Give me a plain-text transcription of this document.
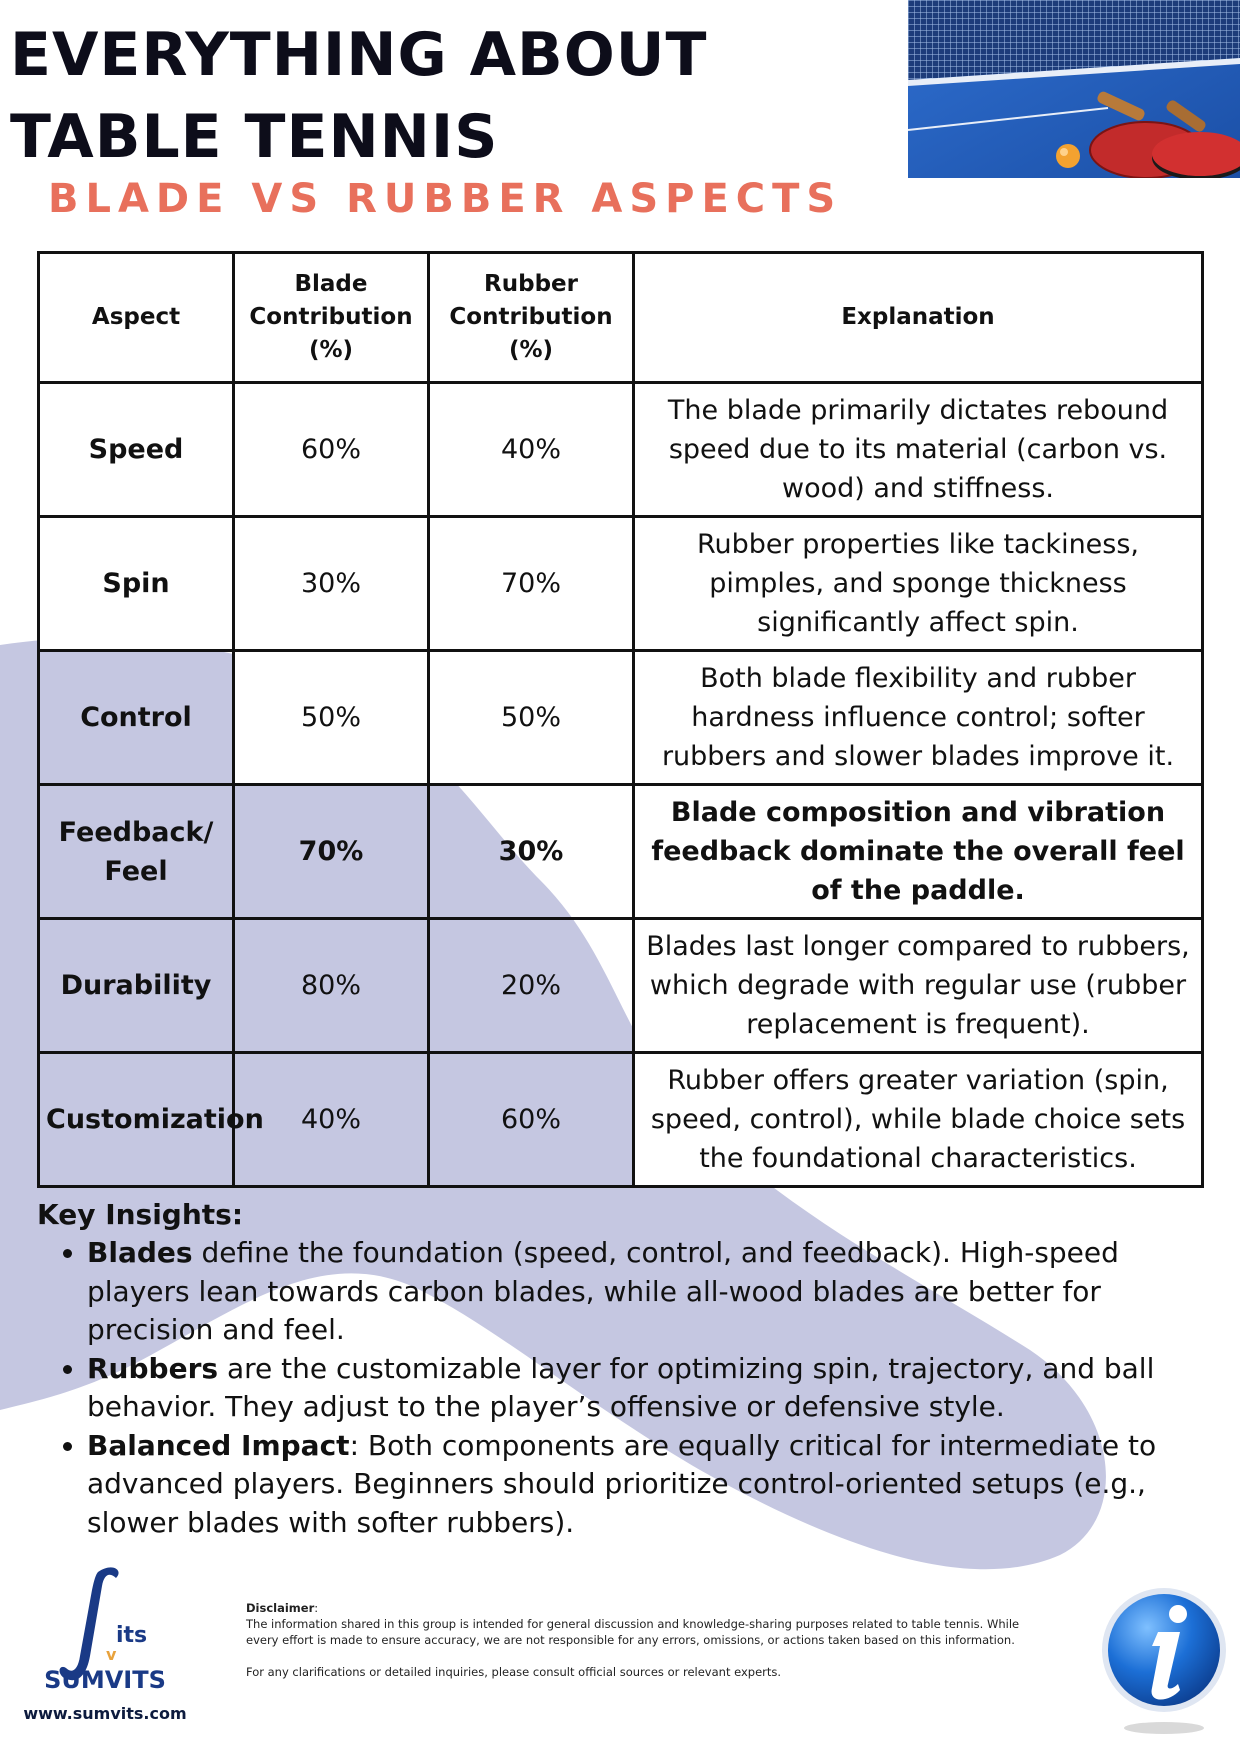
EVERYTHING ABOUT
TABLE TENNIS
BLADE VS RUBBER ASPECTS
Aspect	Blade Contribution (%)	Rubber Contribution (%)	Explanation
Speed	60%	40%	The blade primarily dictates rebound speed due to its material (carbon vs. wood) and stiffness.
Spin	30%	70%	Rubber properties like tackiness, pimples, and sponge thickness significantly affect spin.
Control	50%	50%	Both blade flexibility and rubber hardness influence control; softer rubbers and slower blades improve it.
Feedback/ Feel	70%	30%	Blade composition and vibration feedback dominate the overall feel of the paddle.
Durability	80%	20%	Blades last longer compared to rubbers, which degrade with regular use (rubber replacement is frequent).
Customization	40%	60%	Rubber offers greater variation (spin, speed, control), while blade choice sets the foundational characteristics.
Key Insights:
• Blades define the foundation (speed, control, and feedback). High-speed players lean towards carbon blades, while all-wood blades are better for precision and feel.
• Rubbers are the customizable layer for optimizing spin, trajectory, and ball behavior. They adjust to the player’s offensive or defensive style.
• Balanced Impact: Both components are equally critical for intermediate to advanced players. Beginners should prioritize control-oriented setups (e.g., slower blades with softer rubbers).
its
v
SUMVITS
www.sumvits.com

Disclaimer:

The information shared in this group is intended for general discussion and knowledge-sharing purposes related to table tennis. While every effort is made to ensure accuracy, we are not responsible for any errors, omissions, or actions taken based on this information.

For any clarifications or detailed inquiries, please consult official sources or relevant experts.
